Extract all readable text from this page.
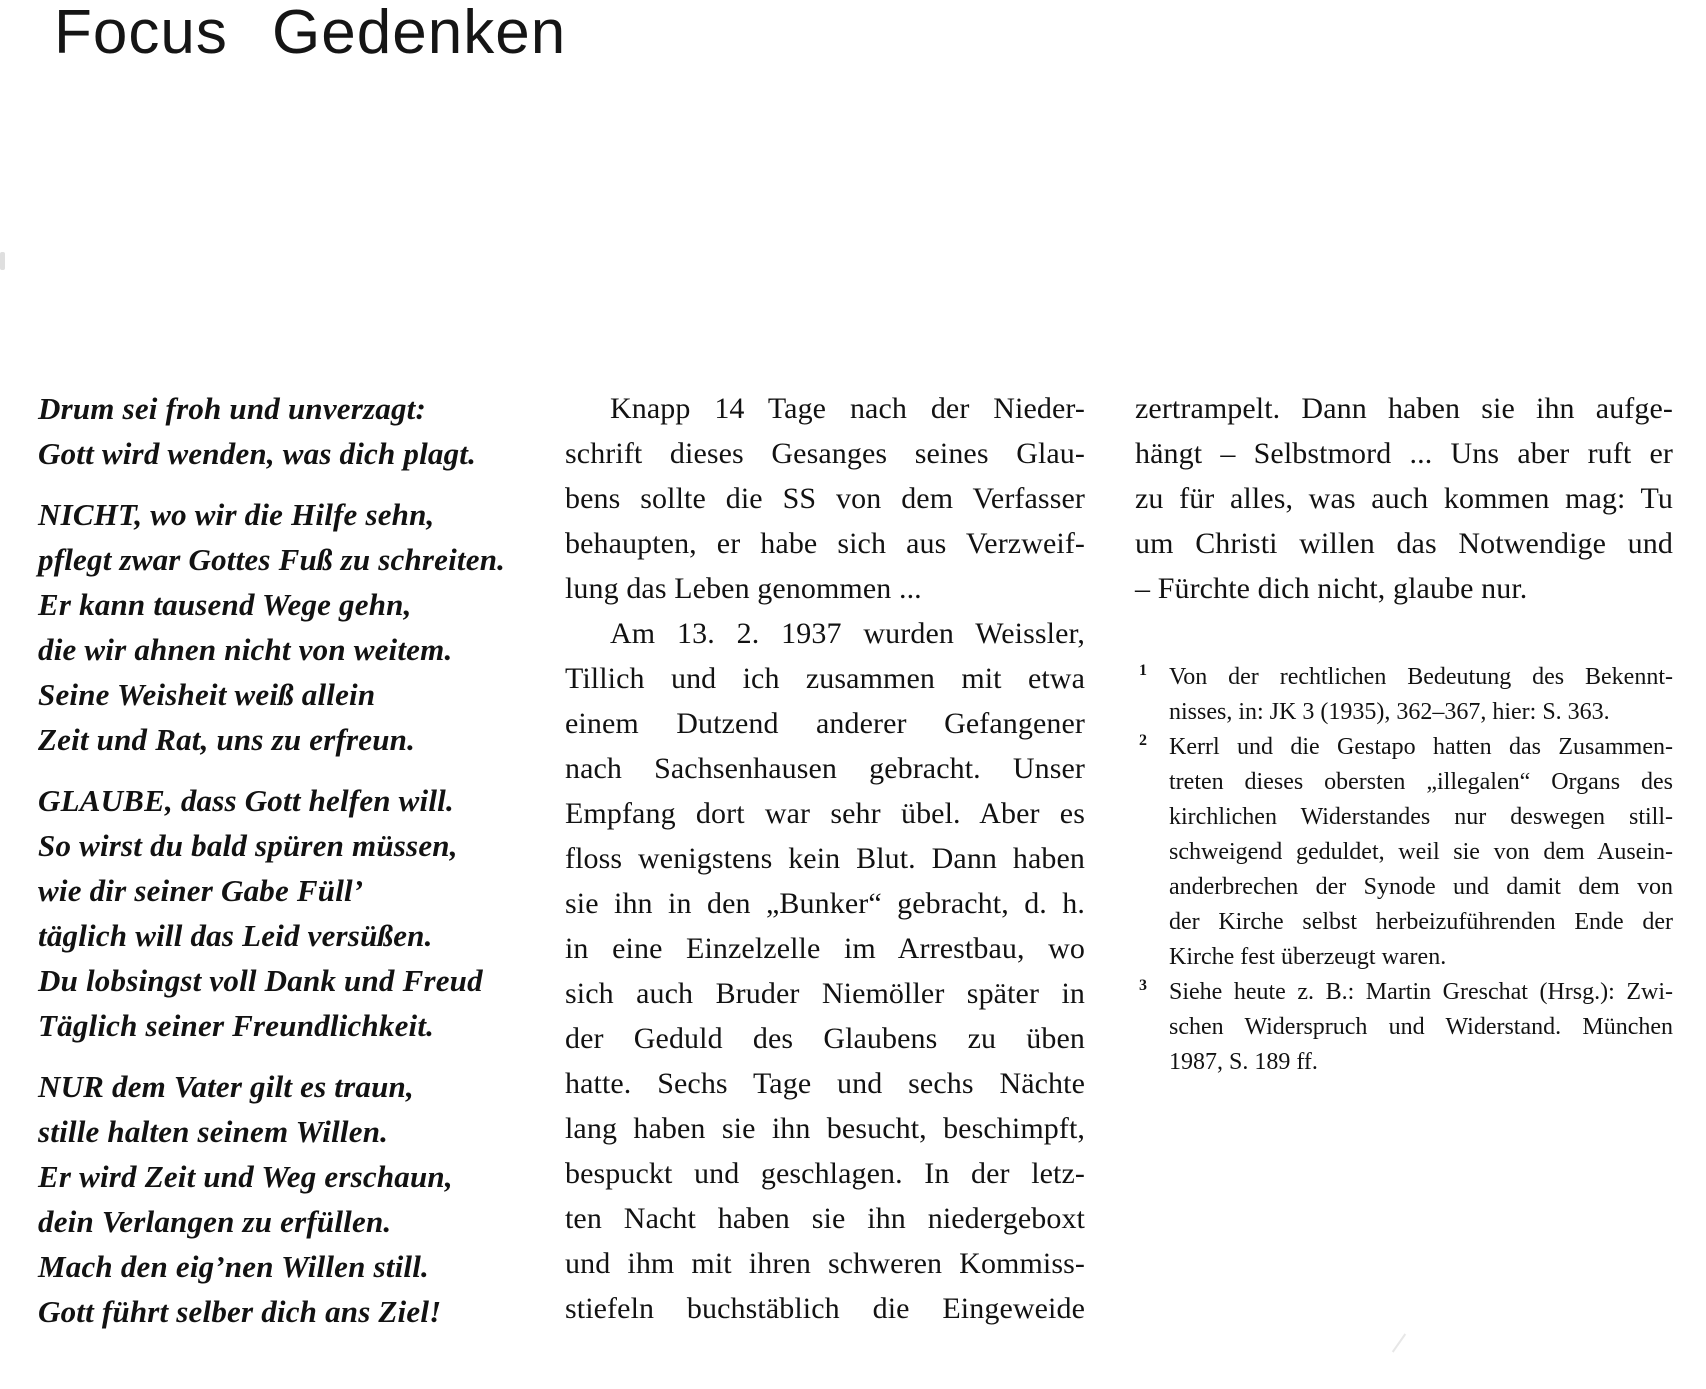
Focus Gedenken
Drum sei froh und unverzagt:
Gott wird wenden, was dich plagt.
NICHT, wo wir die Hilfe sehn,
pflegt zwar Gottes Fuß zu schreiten.
Er kann tausend Wege gehn,
die wir ahnen nicht von weitem.
Seine Weisheit weiß allein
Zeit und Rat, uns zu erfreun.
GLAUBE, dass Gott helfen will.
So wirst du bald spüren müssen,
wie dir seiner Gabe Füll’
täglich will das Leid versüßen.
Du lobsingst voll Dank und Freud
Täglich seiner Freundlichkeit.
NUR dem Vater gilt es traun,
stille halten seinem Willen.
Er wird Zeit und Weg erschaun,
dein Verlangen zu erfüllen.
Mach den eig’nen Willen still.
Gott führt selber dich ans Ziel!
Knapp 14 Tage nach der Nieder-
schrift dieses Gesanges seines Glau-
bens sollte die SS von dem Verfasser
behaupten, er habe sich aus Verzweif-
lung das Leben genommen ...
Am 13. 2. 1937 wurden Weissler,
Tillich und ich zusammen mit etwa
einem Dutzend anderer Gefangener
nach Sachsenhausen gebracht. Unser
Empfang dort war sehr übel. Aber es
floss wenigstens kein Blut. Dann haben
sie ihn in den „Bunker“ gebracht, d. h.
in eine Einzelzelle im Arrestbau, wo
sich auch Bruder Niemöller später in
der Geduld des Glaubens zu üben
hatte. Sechs Tage und sechs Nächte
lang haben sie ihn besucht, beschimpft,
bespuckt und geschlagen. In der letz-
ten Nacht haben sie ihn niedergeboxt
und ihm mit ihren schweren Kommiss-
stiefeln buchstäblich die Eingeweide
zertrampelt. Dann haben sie ihn aufge-
hängt – Selbstmord ... Uns aber ruft er
zu für alles, was auch kommen mag: Tu
um Christi willen das Notwendige und
– Fürchte dich nicht, glaube nur.
1 Von der rechtlichen Bedeutung des Bekennt-
nisses, in: JK 3 (1935), 362–367, hier: S. 363.
2 Kerrl und die Gestapo hatten das Zusammen-
treten dieses obersten „illegalen“ Organs des
kirchlichen Widerstandes nur deswegen still-
schweigend geduldet, weil sie von dem Ausein-
anderbrechen der Synode und damit dem von
der Kirche selbst herbeizuführenden Ende der
Kirche fest überzeugt waren.
3 Siehe heute z. B.: Martin Greschat (Hrsg.): Zwi-
schen Widerspruch und Widerstand. München
1987, S. 189 ff.
